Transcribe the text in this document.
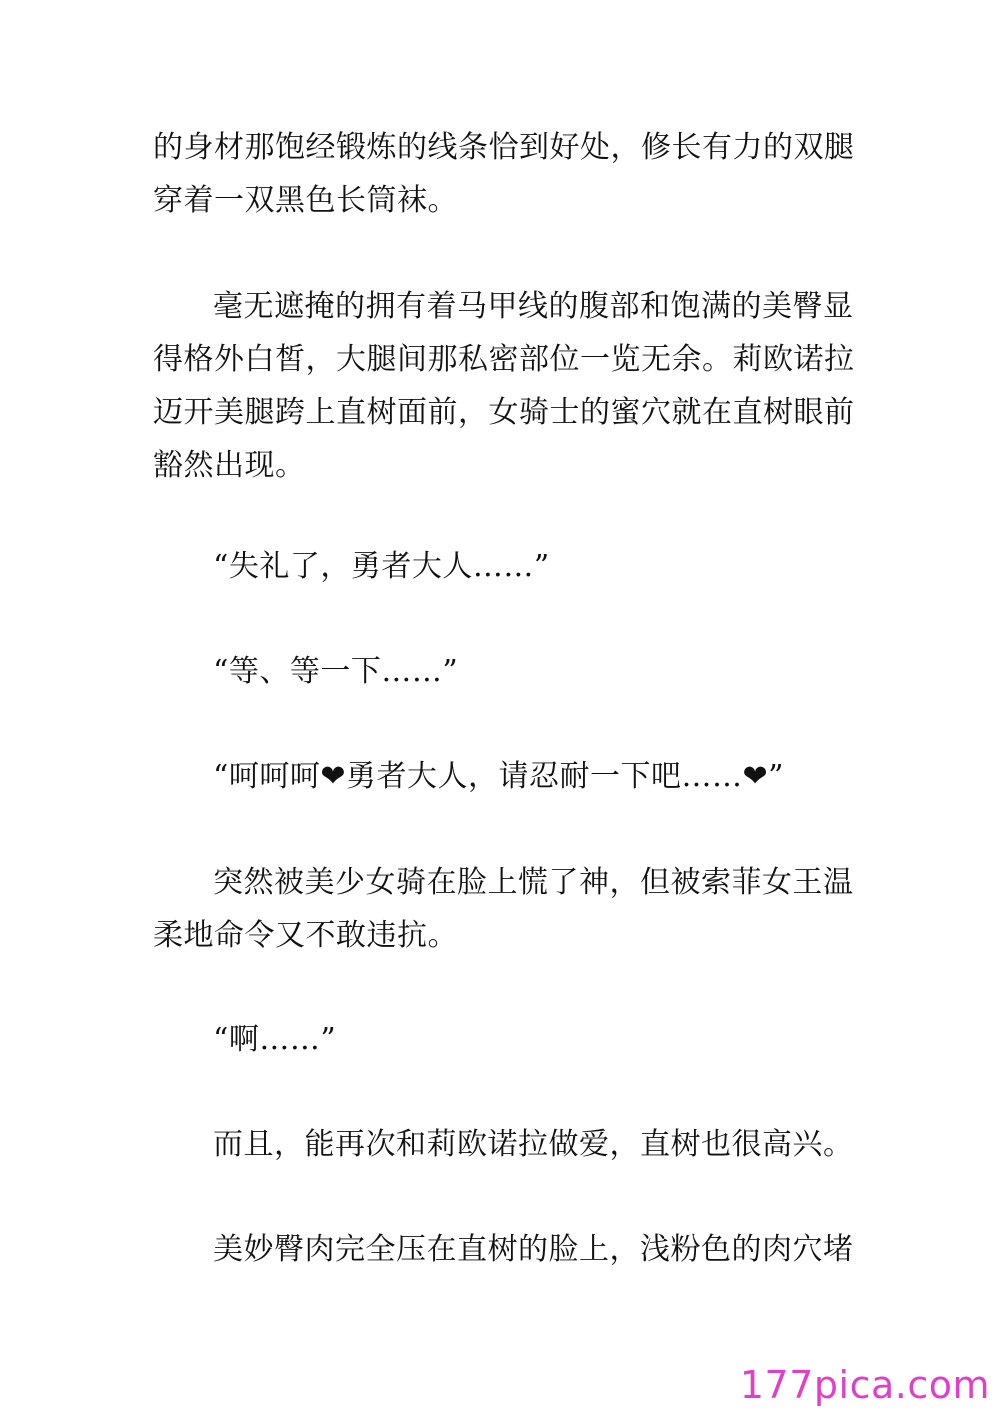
的身材那饱经锻炼的线条恰到好处，修长有力的双腿
穿着一双黑色长筒袜。
毫无遮掩的拥有着马甲线的腹部和饱满的美臀显
得格外白皙，大腿间那私密部位一览无余。莉欧诺拉
迈开美腿跨上直树面前，女骑士的蜜穴就在直树眼前
豁然出现。
“失礼了，勇者大人……”
“等、等一下……”
“呵呵呵❤勇者大人，请忍耐一下吧……❤”
突然被美少女骑在脸上慌了神，但被索菲女王温
柔地命令又不敢违抗。
“啊……”
而且，能再次和莉欧诺拉做爱，直树也很高兴。
美妙臀肉完全压在直树的脸上，浅粉色的肉穴堵
177pica.com
